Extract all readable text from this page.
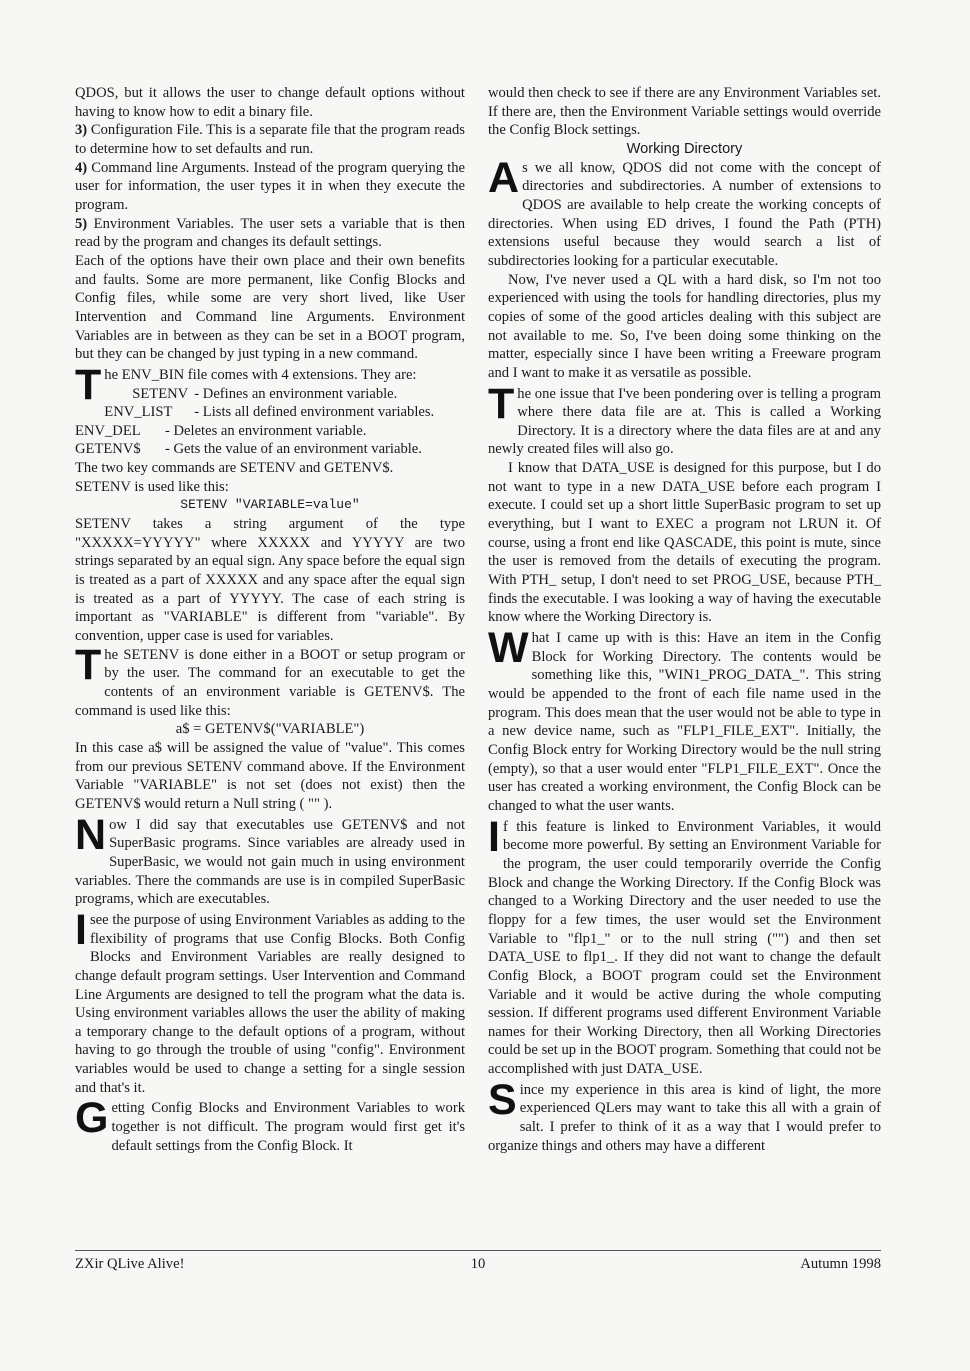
QDOS, but it allows the user to change default options without having to know how to edit a binary file.

3) Configuration File. This is a separate file that the program reads to determine how to set defaults and run.

4) Command line Arguments. Instead of the program querying the user for information, the user types it in when they execute the program.

5) Environment Variables. The user sets a variable that is then read by the program and changes its default settings.

Each of the options have their own place and their own benefits and faults. Some are more permanent, like Config Blocks and Config files, while some are very short lived, like User Intervention and Command line Arguments. Environment Variables are in between as they can be set in a BOOT program, but they can be changed by just typing in a new command.

The ENV_BIN file comes with 4 extensions. They are:

SETENV - Defines an environment variable.
ENV_LIST	- Lists all defined environment variables.
ENV_DEL	- Deletes an environment variable.
GETENV$	- Gets the value of an environment variable.

The two key commands are SETENV and GETENV$.

SETENV is used like this:

SETENV "VARIABLE=value"

SETENV takes a string argument of the type "XXXXX=YYYYY" where XXXXX and YYYYY are two strings separated by an equal sign. Any space before the equal sign is treated as a part of XXXXX and any space after the equal sign is treated as a part of YYYYY. The case of each string is important as "VARIABLE" is different from "variable". By convention, upper case is used for variables.

The SETENV is done either in a BOOT or setup program or by the user. The command for an executable to get the contents of an environment variable is GETENV$. The command is used like this:

a$ = GETENV$("VARIABLE")

In this case a$ will be assigned the value of "value". This comes from our previous SETENV command above. If the Environment Variable "VARIABLE" is not set (does not exist) then the GETENV$ would return a Null string ( "" ).

Now I did say that executables use GETENV$ and not SuperBasic programs. Since variables are already used in SuperBasic, we would not gain much in using environment variables. There the commands are use is in compiled SuperBasic programs, which are executables.

I see the purpose of using Environment Variables as adding to the flexibility of programs that use Config Blocks. Both Config Blocks and Environment Variables are really designed to change default program settings. User Intervention and Command Line Arguments are designed to tell the program what the data is. Using environment variables allows the user the ability of making a temporary change to the default options of a program, without having to go through the trouble of using "config". Environment variables would be used to change a setting for a single session and that's it.

Getting Config Blocks and Environment Variables to work together is not difficult. The program would first get it's default settings from the Config Block. It

would then check to see if there are any Environment Variables set. If there are, then the Environment Variable settings would override the Config Block settings.

Working Directory

As we all know, QDOS did not come with the concept of directories and subdirectories. A number of extensions to QDOS are available to help create the working concepts of directories. When using ED drives, I found the Path (PTH) extensions useful because they would search a list of subdirectories looking for a particular executable.

Now, I've never used a QL with a hard disk, so I'm not too experienced with using the tools for handling directories, plus my copies of some of the good articles dealing with this subject are not available to me. So, I've been doing some thinking on the matter, especially since I have been writing a Freeware program and I want to make it as versatile as possible.

The one issue that I've been pondering over is telling a program where there data file are at. This is called a Working Directory. It is a directory where the data files are at and any newly created files will also go.

I know that DATA_USE is designed for this purpose, but I do not want to type in a new DATA_USE before each program I execute. I could set up a short little SuperBasic program to set up everything, but I want to EXEC a program not LRUN it. Of course, using a front end like QASCADE, this point is mute, since the user is removed from the details of executing the program. With PTH_ setup, I don't need to set PROG_USE, because PTH_ finds the executable. I was looking a way of having the executable know where the Working Directory is.

What I came up with is this: Have an item in the Config Block for Working Directory. The contents would be something like this, "WIN1_PROG_DATA_". This string would be appended to the front of each file name used in the program. This does mean that the user would not be able to type in a new device name, such as "FLP1_FILE_EXT". Initially, the Config Block entry for Working Directory would be the null string (empty), so that a user would enter "FLP1_FILE_EXT". Once the user has created a working environment, the Config Block can be changed to what the user wants.

If this feature is linked to Environment Variables, it would become more powerful. By setting an Environment Variable for the program, the user could temporarily override the Config Block and change the Working Directory. If the Config Block was changed to a Working Directory and the user needed to use the floppy for a few times, the user would set the Environment Variable to "flp1_" or to the null string ("") and then set DATA_USE to flp1_. If they did not want to change the default Config Block, a BOOT program could set the Environment Variable and it would be active during the whole computing session. If different programs used different Environment Variable names for their Working Directory, then all Working Directories could be set up in the BOOT program. Something that could not be accomplished with just DATA_USE.

Since my experience in this area is kind of light, the more experienced QLers may want to take this all with a grain of salt. I prefer to think of it as a way that I would prefer to organize things and others may have a different

ZXir QLive Alive!	10	Autumn 1998
